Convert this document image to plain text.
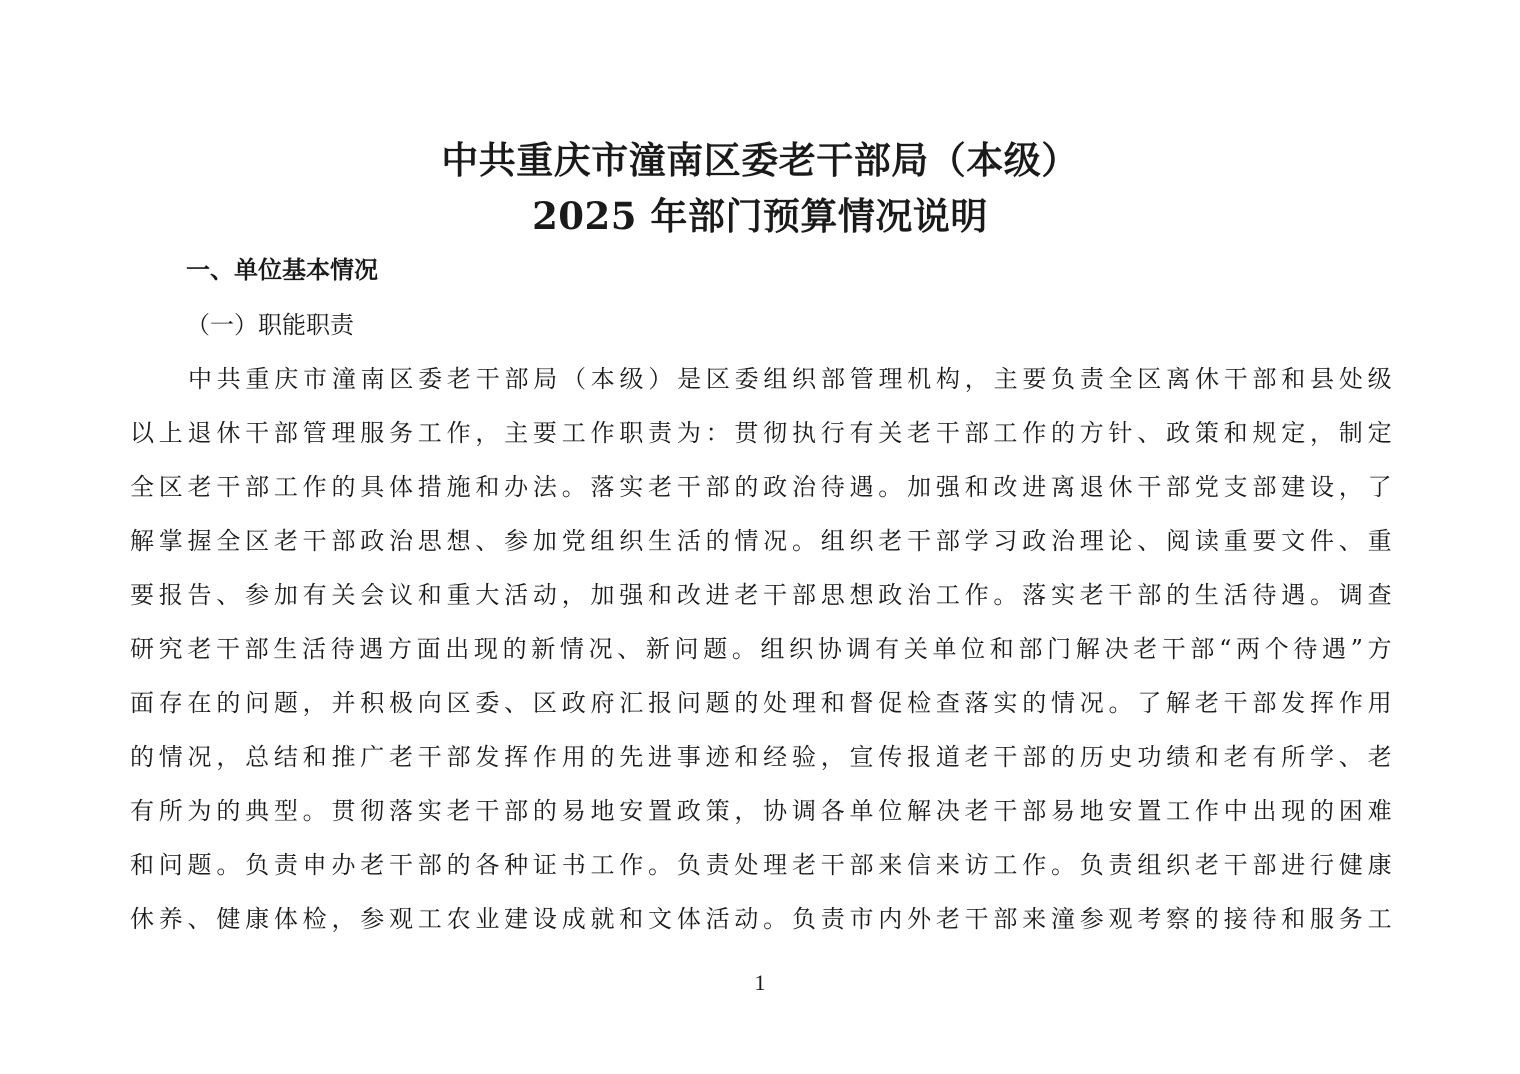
中共重庆市潼南区委老干部局（本级）
2025 年部门预算情况说明
一、单位基本情况
（一）职能职责
中共重庆市潼南区委老干部局（本级）是区委组织部管理机构，主要负责全区离休干部和县处级
以上退休干部管理服务工作，主要工作职责为：贯彻执行有关老干部工作的方针、政策和规定，制定
全区老干部工作的具体措施和办法。落实老干部的政治待遇。加强和改进离退休干部党支部建设，了
解掌握全区老干部政治思想、参加党组织生活的情况。组织老干部学习政治理论、阅读重要文件、重
要报告、参加有关会议和重大活动，加强和改进老干部思想政治工作。落实老干部的生活待遇。调查
研究老干部生活待遇方面出现的新情况、新问题。组织协调有关单位和部门解决老干部“两个待遇”方
面存在的问题，并积极向区委、区政府汇报问题的处理和督促检查落实的情况。了解老干部发挥作用
的情况，总结和推广老干部发挥作用的先进事迹和经验，宣传报道老干部的历史功绩和老有所学、老
有所为的典型。贯彻落实老干部的易地安置政策，协调各单位解决老干部易地安置工作中出现的困难
和问题。负责申办老干部的各种证书工作。负责处理老干部来信来访工作。负责组织老干部进行健康
休养、健康体检，参观工农业建设成就和文体活动。负责市内外老干部来潼参观考察的接待和服务工
1
